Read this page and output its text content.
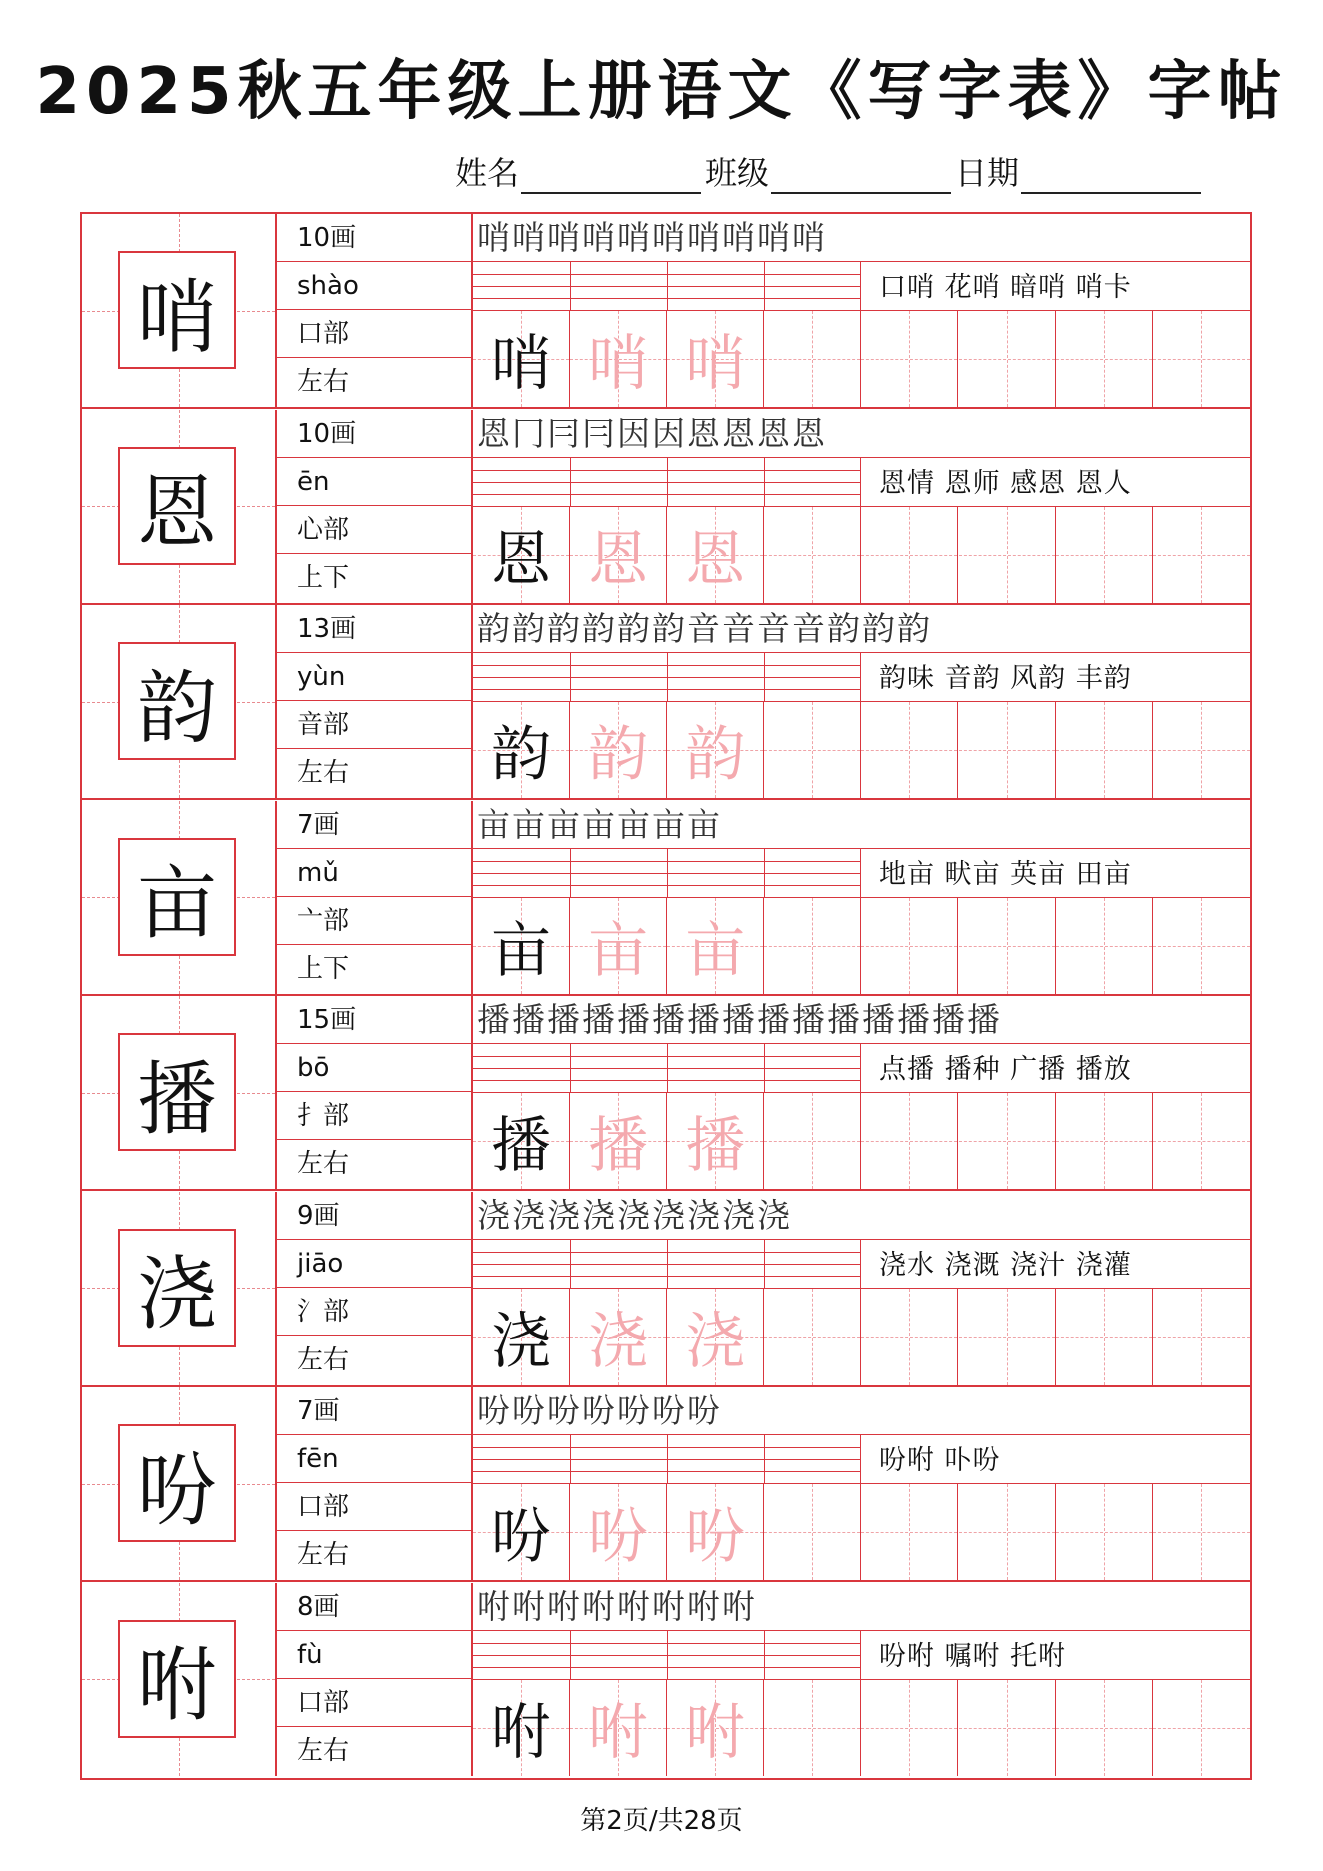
2025秋五年级上册语文《写字表》字帖
姓名	班级	日期
哨
10画
shào
口部
左右
哨哨哨哨哨哨哨哨哨哨
口哨 花哨 暗哨 哨卡
哨 哨 哨
恩
10画
ēn
心部
上下
恩冂冃冃因因恩恩恩恩
恩情 恩师 感恩 恩人
恩 恩 恩
韵
13画
yùn
音部
左右
韵韵韵韵韵韵音音音音韵韵韵
韵味 音韵 风韵 丰韵
韵 韵 韵
亩
7画
mǔ
亠部
上下
亩亩亩亩亩亩亩
地亩 畎亩 英亩 田亩
亩 亩 亩
播
15画
bō
扌部
左右
播播播播播播播播播播播播播播播
点播 播种 广播 播放
播 播 播
浇
9画
jiāo
氵部
左右
浇浇浇浇浇浇浇浇浇
浇水 浇溉 浇汁 浇灌
浇 浇 浇
吩
7画
fēn
口部
左右
吩吩吩吩吩吩吩
吩咐 卟吩
吩 吩 吩
咐
8画
fù
口部
左右
咐咐咐咐咐咐咐咐
吩咐 嘱咐 托咐
咐 咐 咐
第2页/共28页
